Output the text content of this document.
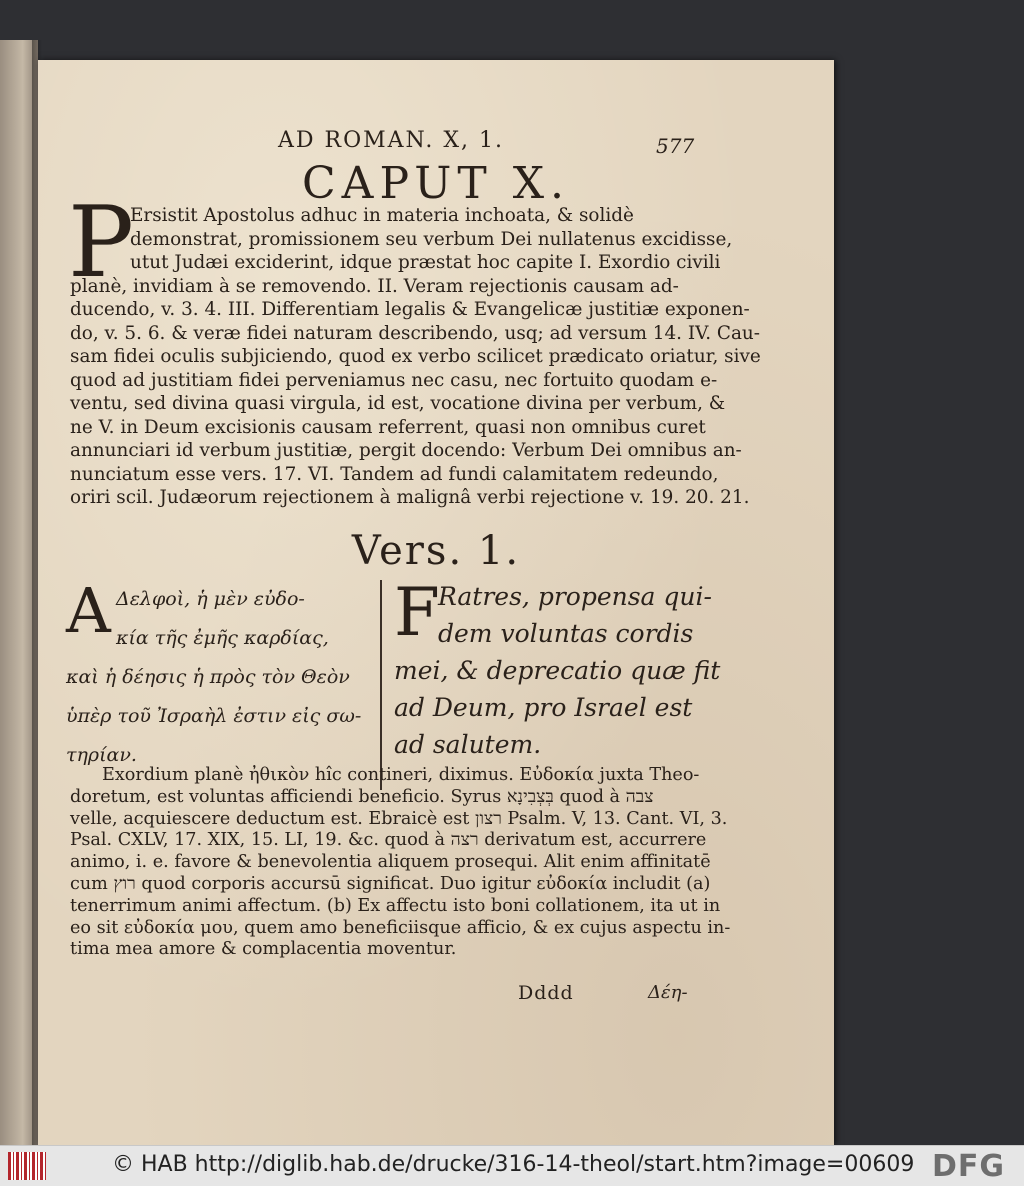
AD ROMAN. X, 1.	577
CAPUT X.
P
Ersistit Apostolus adhuc in materia inchoata, & solidè
demonstrat, promissionem seu verbum Dei nullatenus excidisse,
utut Judæi exciderint, idque præstat hoc capite I. Exordio civili
planè, invidiam à se removendo. II. Veram rejectionis causam ad-
ducendo, v. 3. 4. III. Differentiam legalis & Evangelicæ justitiæ exponen-
do, v. 5. 6. & veræ fidei naturam describendo, usq; ad versum 14. IV. Cau-
sam fidei oculis subjiciendo, quod ex verbo scilicet prædicato oriatur, sive
quod ad justitiam fidei perveniamus nec casu, nec fortuito quodam e-
ventu, sed divina quasi virgula, id est, vocatione divina per verbum, &
ne V. in Deum excisionis causam referrent, quasi non omnibus curet
annunciari id verbum justitiæ, pergit docendo: Verbum Dei omnibus an-
nunciatum esse vers. 17. VI. Tandem ad fundi calamitatem redeundo,
oriri scil. Judæorum rejectionem à malignâ verbi rejectione v. 19. 20. 21.
Vers. 1.
A Δελφοὶ, ἡ μὲν εὐδο-
κία τῆς ἐμῆς καρδίας,
καὶ ἡ δέησις ἡ πρὸς τὸν Θεὸν
ὑπὲρ τοῦ Ἰσραὴλ ἐστιν εἰς σω-
τηρίαν.
F
Ratres, propensa qui-
dem voluntas cordis
mei, & deprecatio quæ fit
ad Deum, pro Israel est
ad salutem.
Exordium planè ἠθικὸν hîc contineri, diximus. Εὐδοκία juxta Theo-
doretum, est voluntas afficiendi beneficio. Syrus בְּצְבִינָא quod à צבה
velle, acquiescere deductum est. Ebraicè est רצון Psalm. V, 13. Cant. VI, 3.
Psal. CXLV, 17. XIX, 15. LI, 19. &c. quod à רצה derivatum est, accurrere
animo, i. e. favore & benevolentia aliquem prosequi. Alit enim affinitatē
cum רוץ quod corporis accursū significat. Duo igitur εὐδοκία includit (a)
tenerrimum animi affectum. (b) Ex affectu isto boni collationem, ita ut in
eo sit εὐδοκία μου, quem amo beneficiisque afficio, & ex cujus aspectu in-
tima mea amore & complacentia moventur.
Dddd	Δέη-
© HAB http://diglib.hab.de/drucke/316-14-theol/start.htm?image=00609 DFG
